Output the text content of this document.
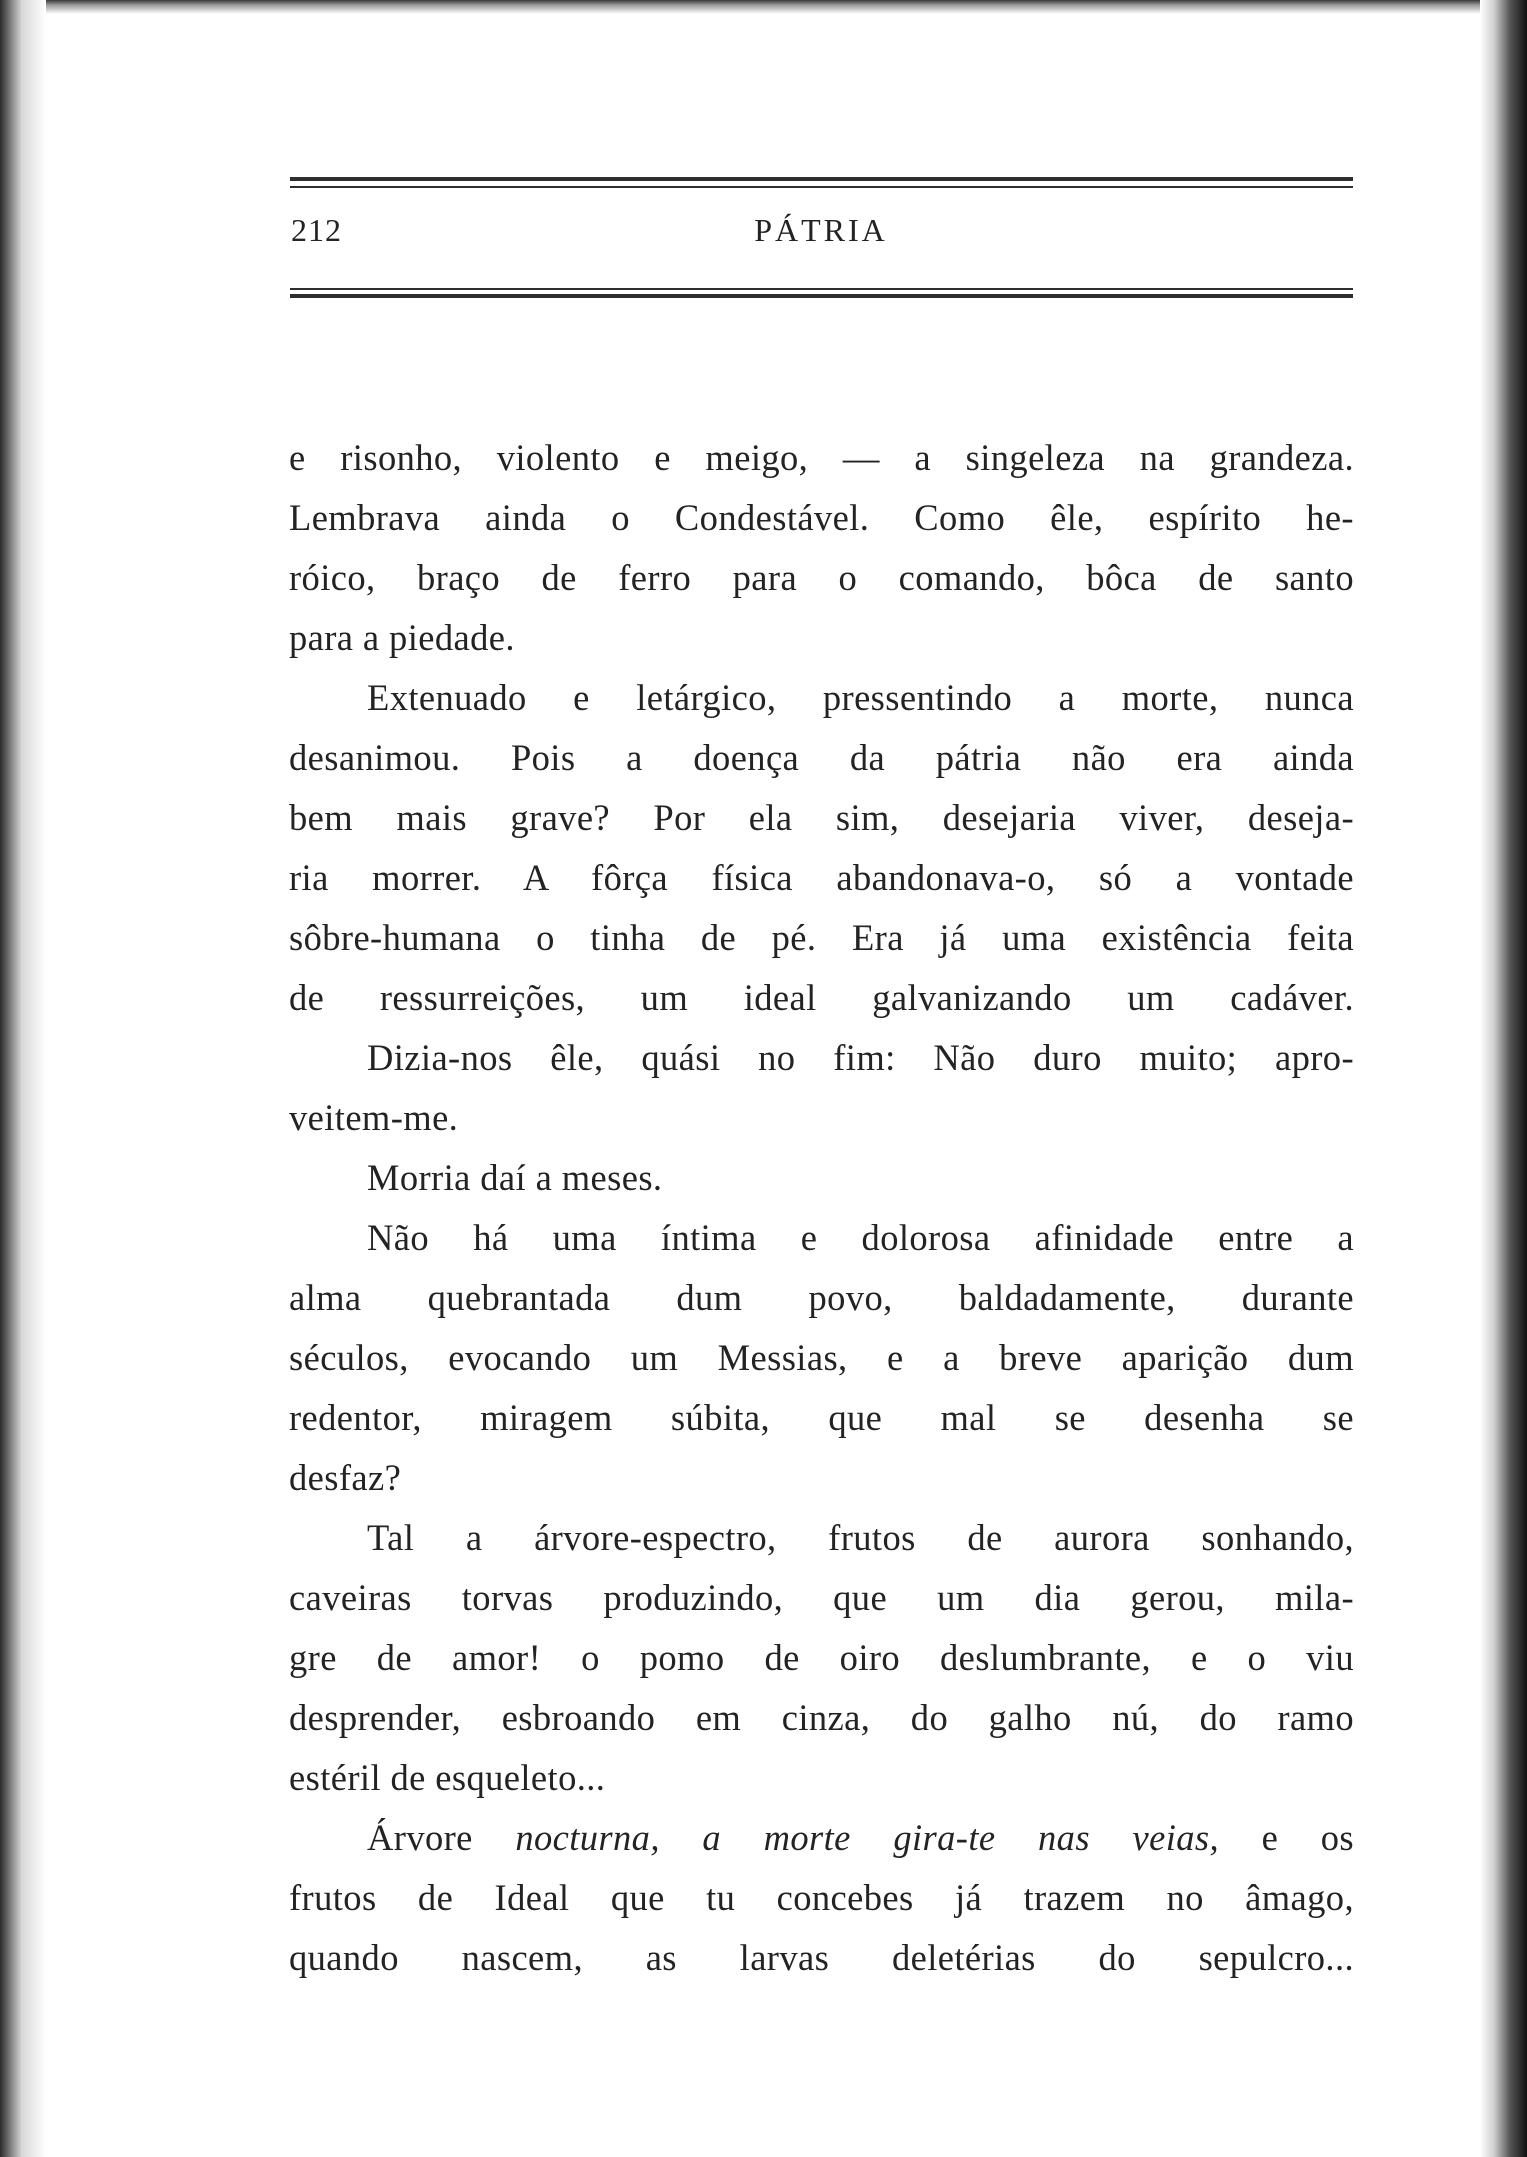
212	PÁTRIA
e risonho, violento e meigo, — a singeleza na grandeza.
Lembrava ainda o Condestável. Como êle, espírito he-
róico, braço de ferro para o comando, bôca de santo
para a piedade.
Extenuado e letárgico, pressentindo a morte, nunca
desanimou. Pois a doença da pátria não era ainda
bem mais grave? Por ela sim, desejaria viver, deseja-
ria morrer. A fôrça física abandonava-o, só a vontade
sôbre-humana o tinha de pé. Era já uma existência feita
de ressurreições, um ideal galvanizando um cadáver.
Dizia-nos êle, quási no fim: Não duro muito; apro-
veitem-me.
Morria daí a meses.
Não há uma íntima e dolorosa afinidade entre a
alma quebrantada dum povo, baldadamente, durante
séculos, evocando um Messias, e a breve aparição dum
redentor, miragem súbita, que mal se desenha se
desfaz?
Tal a árvore-espectro, frutos de aurora sonhando,
caveiras torvas produzindo, que um dia gerou, mila-
gre de amor! o pomo de oiro deslumbrante, e o viu
desprender, esbroando em cinza, do galho nú, do ramo
estéril de esqueleto...
Árvore nocturna, a morte gira-te nas veias, e os
frutos de Ideal que tu concebes já trazem no âmago,
quando nascem, as larvas deletérias do sepulcro...
